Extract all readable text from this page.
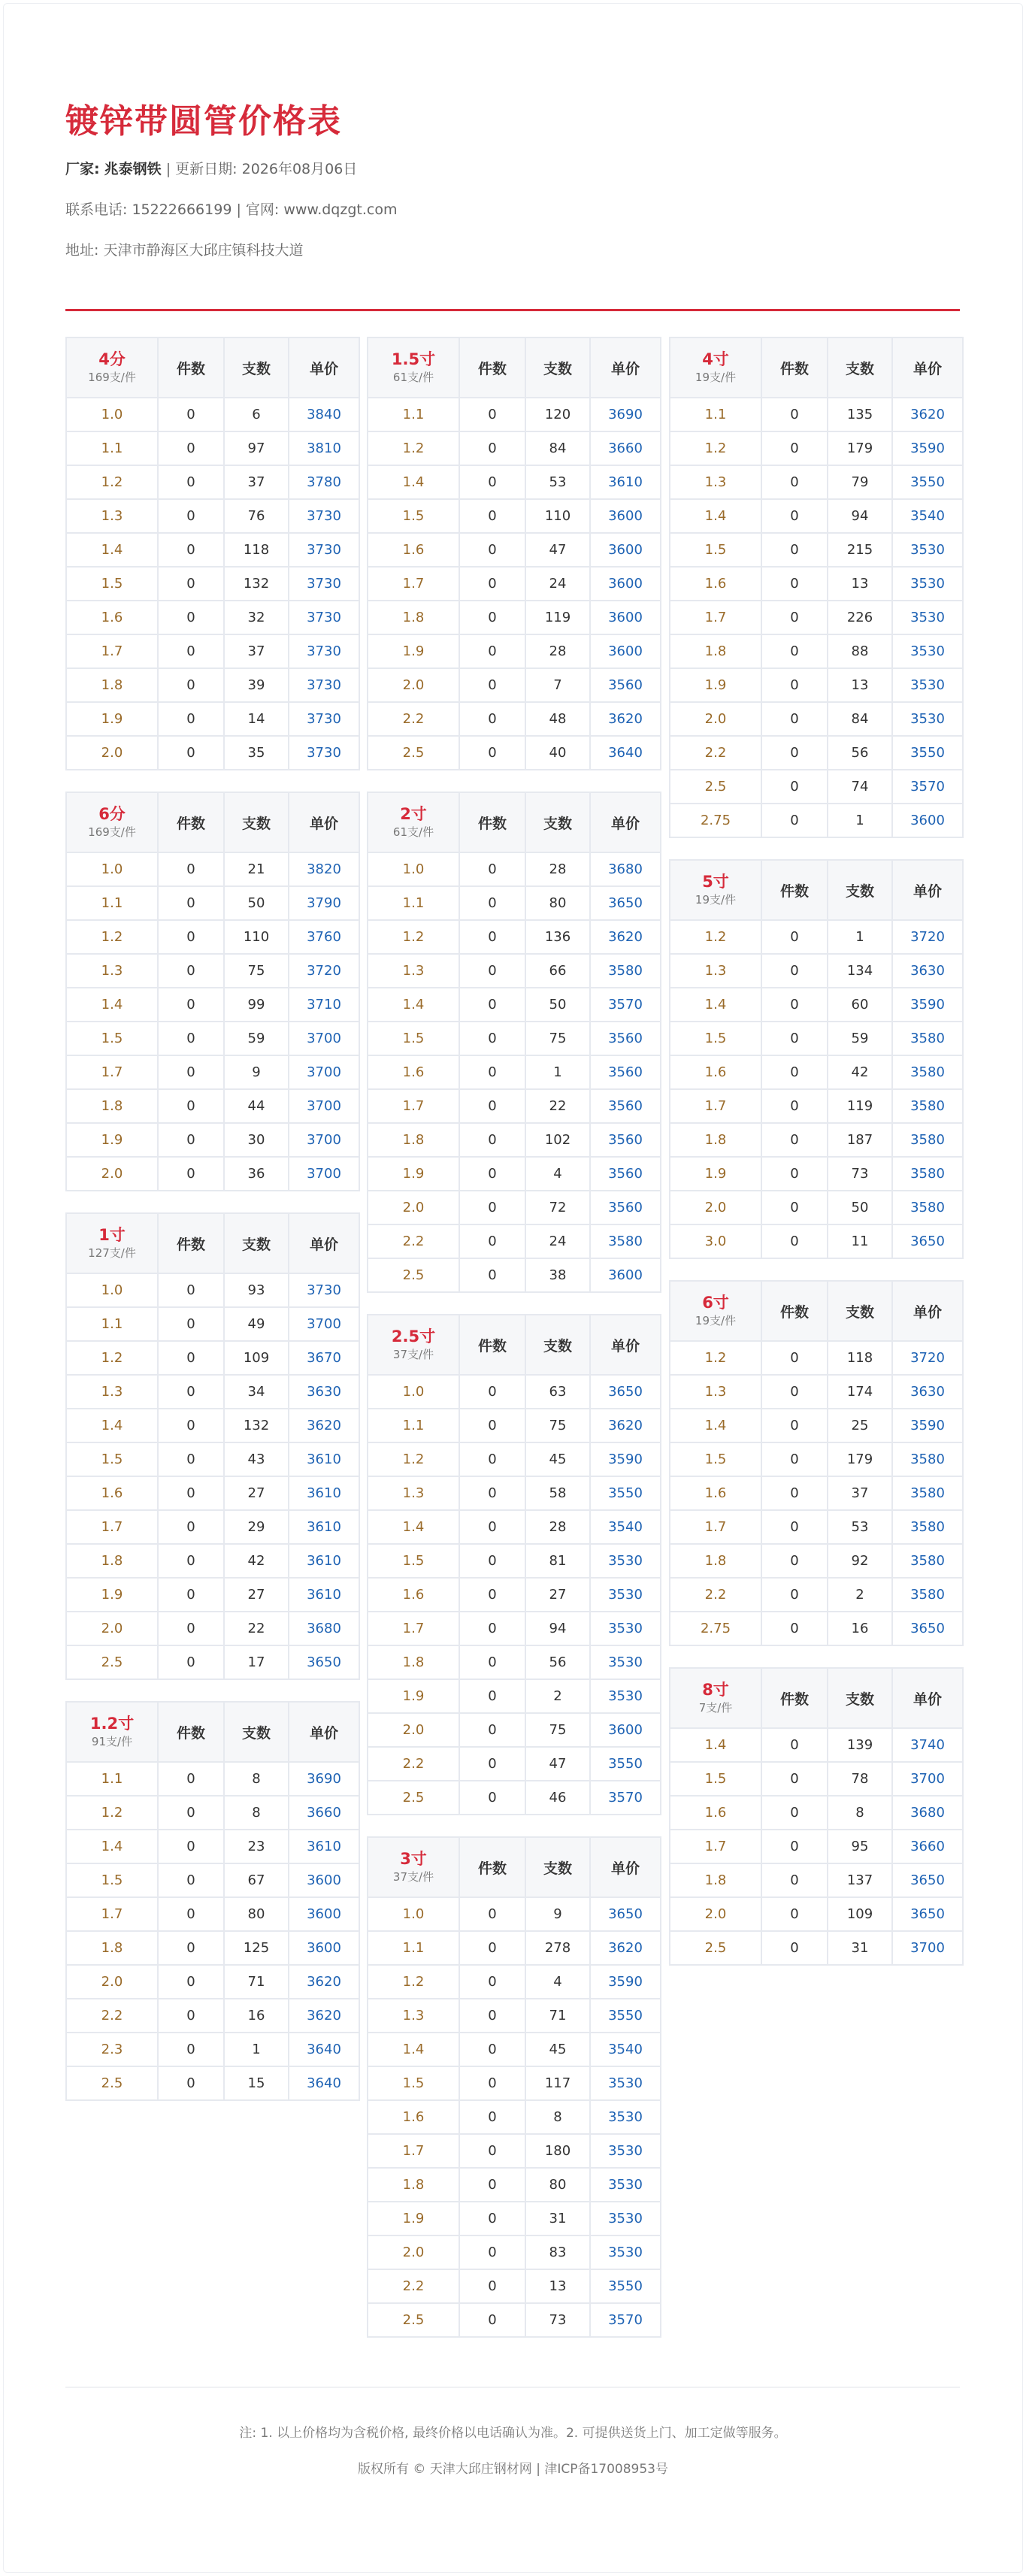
镀锌带圆管价格表
厂家: 兆泰钢铁 | 更新日期: 2026年08月06日
联系电话: 15222666199 | 官网: www.dqzgt.com
地址: 天津市静海区大邱庄镇科技大道
4分
169支/件	件数	支数	单价
1.0	0	6	3840
1.1	0	97	3810
1.2	0	37	3780
1.3	0	76	3730
1.4	0	118	3730
1.5	0	132	3730
1.6	0	32	3730
1.7	0	37	3730
1.8	0	39	3730
1.9	0	14	3730
2.0	0	35	3730
6分
169支/件	件数	支数	单价
1.0	0	21	3820
1.1	0	50	3790
1.2	0	110	3760
1.3	0	75	3720
1.4	0	99	3710
1.5	0	59	3700
1.7	0	9	3700
1.8	0	44	3700
1.9	0	30	3700
2.0	0	36	3700
1寸
127支/件	件数	支数	单价
1.0	0	93	3730
1.1	0	49	3700
1.2	0	109	3670
1.3	0	34	3630
1.4	0	132	3620
1.5	0	43	3610
1.6	0	27	3610
1.7	0	29	3610
1.8	0	42	3610
1.9	0	27	3610
2.0	0	22	3680
2.5	0	17	3650
1.2寸
91支/件	件数	支数	单价
1.1	0	8	3690
1.2	0	8	3660
1.4	0	23	3610
1.5	0	67	3600
1.7	0	80	3600
1.8	0	125	3600
2.0	0	71	3620
2.2	0	16	3620
2.3	0	1	3640
2.5	0	15	3640
1.5寸
61支/件	件数	支数	单价
1.1	0	120	3690
1.2	0	84	3660
1.4	0	53	3610
1.5	0	110	3600
1.6	0	47	3600
1.7	0	24	3600
1.8	0	119	3600
1.9	0	28	3600
2.0	0	7	3560
2.2	0	48	3620
2.5	0	40	3640
2寸
61支/件	件数	支数	单价
1.0	0	28	3680
1.1	0	80	3650
1.2	0	136	3620
1.3	0	66	3580
1.4	0	50	3570
1.5	0	75	3560
1.6	0	1	3560
1.7	0	22	3560
1.8	0	102	3560
1.9	0	4	3560
2.0	0	72	3560
2.2	0	24	3580
2.5	0	38	3600
2.5寸
37支/件	件数	支数	单价
1.0	0	63	3650
1.1	0	75	3620
1.2	0	45	3590
1.3	0	58	3550
1.4	0	28	3540
1.5	0	81	3530
1.6	0	27	3530
1.7	0	94	3530
1.8	0	56	3530
1.9	0	2	3530
2.0	0	75	3600
2.2	0	47	3550
2.5	0	46	3570
3寸
37支/件	件数	支数	单价
1.0	0	9	3650
1.1	0	278	3620
1.2	0	4	3590
1.3	0	71	3550
1.4	0	45	3540
1.5	0	117	3530
1.6	0	8	3530
1.7	0	180	3530
1.8	0	80	3530
1.9	0	31	3530
2.0	0	83	3530
2.2	0	13	3550
2.5	0	73	3570
4寸
19支/件	件数	支数	单价
1.1	0	135	3620
1.2	0	179	3590
1.3	0	79	3550
1.4	0	94	3540
1.5	0	215	3530
1.6	0	13	3530
1.7	0	226	3530
1.8	0	88	3530
1.9	0	13	3530
2.0	0	84	3530
2.2	0	56	3550
2.5	0	74	3570
2.75	0	1	3600
5寸
19支/件	件数	支数	单价
1.2	0	1	3720
1.3	0	134	3630
1.4	0	60	3590
1.5	0	59	3580
1.6	0	42	3580
1.7	0	119	3580
1.8	0	187	3580
1.9	0	73	3580
2.0	0	50	3580
3.0	0	11	3650
6寸
19支/件	件数	支数	单价
1.2	0	118	3720
1.3	0	174	3630
1.4	0	25	3590
1.5	0	179	3580
1.6	0	37	3580
1.7	0	53	3580
1.8	0	92	3580
2.2	0	2	3580
2.75	0	16	3650
8寸
7支/件	件数	支数	单价
1.4	0	139	3740
1.5	0	78	3700
1.6	0	8	3680
1.7	0	95	3660
1.8	0	137	3650
2.0	0	109	3650
2.5	0	31	3700
注: 1. 以上价格均为含税价格, 最终价格以电话确认为准。2. 可提供送货上门、加工定做等服务。
版权所有 © 天津大邱庄钢材网 | 津ICP备17008953号
